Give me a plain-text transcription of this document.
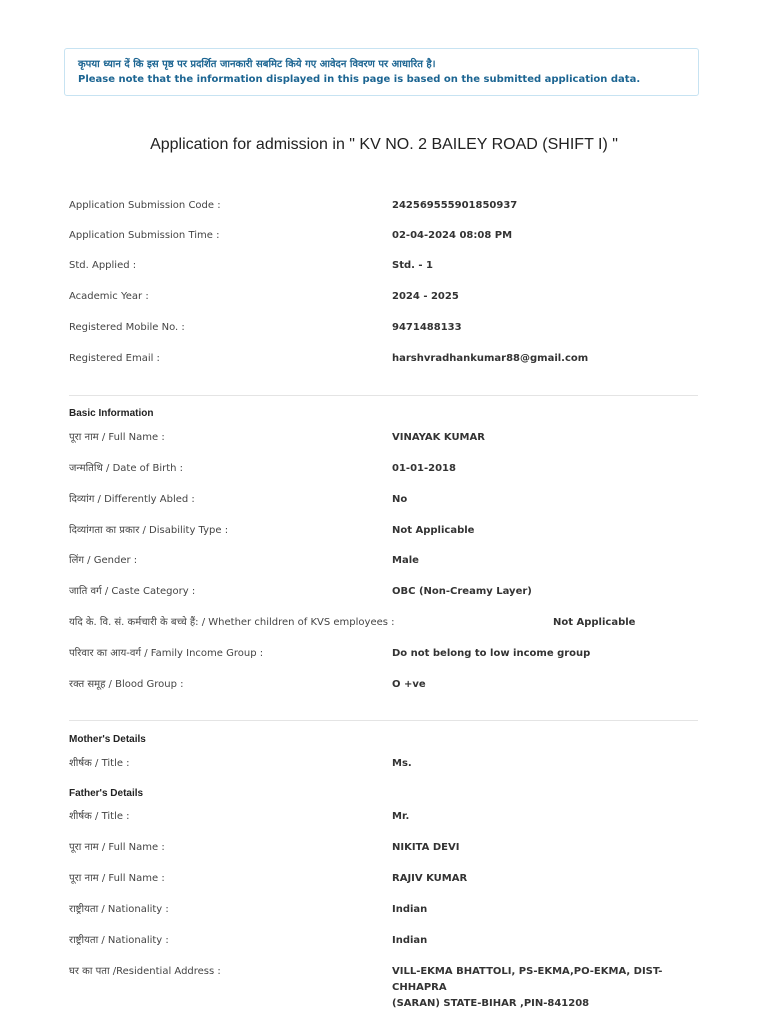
कृपया ध्यान दें कि इस पृष्ठ पर प्रदर्शित जानकारी सबमिट किये गए आवेदन विवरण पर आधारित है।
Please note that the information displayed in this page is based on the submitted application data.
Application for admission in " KV NO. 2 BAILEY ROAD (SHIFT I) "
Application Submission Code :	242569555901850937
Application Submission Time :	02-04-2024 08:08 PM
Std. Applied :	Std. - 1
Academic Year :	2024 - 2025
Registered Mobile No. :	9471488133
Registered Email :	harshvradhankumar88@gmail.com
Basic Information
पूरा नाम / Full Name :	VINAYAK KUMAR
जन्मतिथि / Date of Birth :	01-01-2018
दिव्यांग / Differently Abled :	No
दिव्यांगता का प्रकार / Disability Type :	Not Applicable
लिंग / Gender :	Male
जाति वर्ग / Caste Category :	OBC (Non-Creamy Layer)
यदि के. वि. सं. कर्मचारी के बच्चे हैं: / Whether children of KVS employees :	Not Applicable
परिवार का आय-वर्ग / Family Income Group :	Do not belong to low income group
रक्त समूह / Blood Group :	O +ve
Mother's Details
शीर्षक / Title :	Ms.
Father's Details
शीर्षक / Title :	Mr.
पूरा नाम / Full Name :	NIKITA DEVI
पूरा नाम / Full Name :	RAJIV KUMAR
राष्ट्रीयता / Nationality :	Indian
राष्ट्रीयता / Nationality :	Indian
घर का पता /Residential Address :	VILL-EKMA BHATTOLI, PS-EKMA,PO-EKMA, DIST- CHHAPRA
(SARAN) STATE-BIHAR ,PIN-841208
